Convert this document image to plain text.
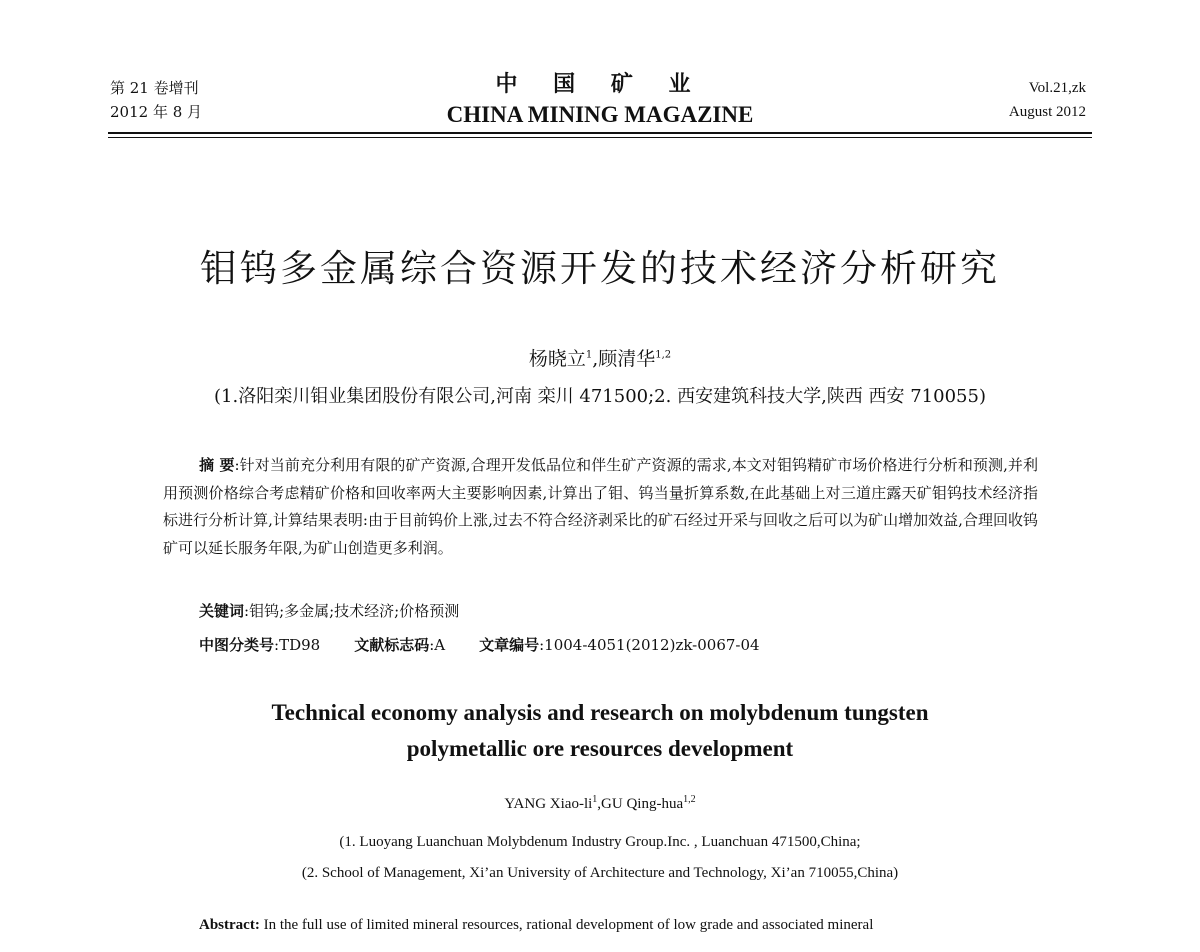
第 21 卷增刊
2012 年 8 月
中 国 矿 业
CHINA MINING MAGAZINE
Vol.21,zk
August 2012
钼钨多金属综合资源开发的技术经济分析研究
杨晓立$^1$,顾清华$^{1,2}$
(1.洛阳栾川钼业集团股份有限公司,河南 栾川 471500;2. 西安建筑科技大学,陕西 西安 710055)
摘 要:针对当前充分利用有限的矿产资源,合理开发低品位和伴生矿产资源的需求,本文对钼钨精矿市场价格进行分析和预测,并利用预测价格综合考虑精矿价格和回收率两大主要影响因素,计算出了钼、钨当量折算系数,在此基础上对三道庄露天矿钼钨技术经济指标进行分析计算,计算结果表明:由于目前钨价上涨,过去不符合经济剥采比的矿石经过开采与回收之后可以为矿山增加效益,合理回收钨矿可以延长服务年限,为矿山创造更多利润。
关键词:钼钨;多金属;技术经济;价格预测
中图分类号:TD98 文献标志码:A 文章编号:1004-4051(2012)zk-0067-04
Technical economy analysis and research on molybdenum tungsten
polymetallic ore resources development
YANG Xiao-$li^1,GU$ Qing-hua$^{1,2}$
(1. Luoyang Luanchuan Molybdenum Industry Group.Inc. , Luanchuan 471500,China;
(2. School of Management, Xi’an University of Architecture and Technology, Xi’an 710055,China)
Abstract: In the full use of limited mineral resources, rational development of low grade and associated mineral
